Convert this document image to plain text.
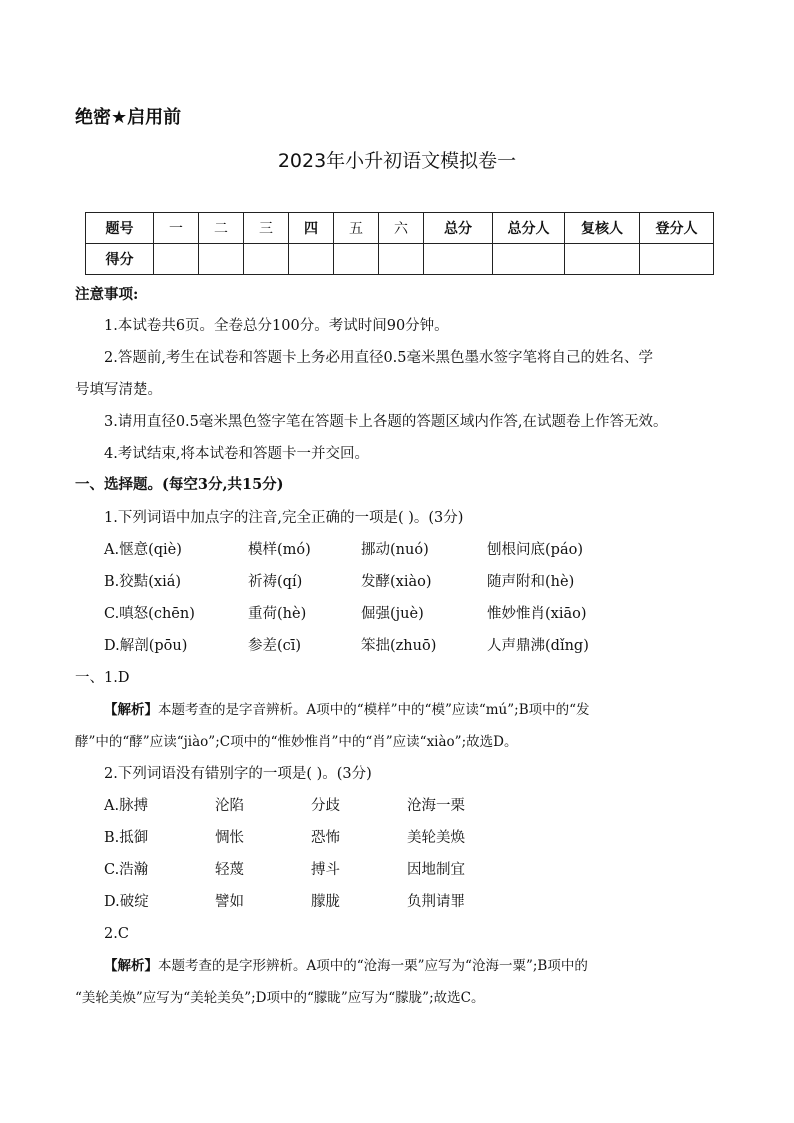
绝密★启用前
2023年小升初语文模拟卷一
题号	一	二	三	四	五	六	总分	总分人	复核人	登分人
得分										
注意事项:
1.本试卷共6页。全卷总分100分。考试时间90分钟。
2.答题前,考生在试卷和答题卡上务必用直径0.5毫米黑色墨水签字笔将自己的姓名、学
号填写清楚。
3.请用直径0.5毫米黑色签字笔在答题卡上各题的答题区域内作答,在试题卷上作答无效。
4.考试结束,将本试卷和答题卡一并交回。
一、选择题。(每空3分,共15分)
1.下列词语中加点字的注音,完全正确的一项是( )。(3分)
A.惬意(qiè)	模样(mó)	挪动(nuó)	刨根问底(páo)
B.狡黠(xiá)	祈祷(qí)	发酵(xiào)	随声附和(hè)
C.嗔怒(chēn)	重荷(hè)	倔强(juè)	惟妙惟肖(xiāo)
D.解剖(pōu)	参差(cī)	笨拙(zhuō)	人声鼎沸(dǐng)
一、1.D
【解析】本题考查的是字音辨析。A项中的“模样”中的“模”应读“mú”;B项中的“发
酵”中的“酵”应读“jiào”;C项中的“惟妙惟肖”中的“肖”应读“xiào”;故选D。
2.下列词语没有错别字的一项是( )。(3分)
A.脉搏	沦陷	分歧	沧海一栗
B.抵御	惆怅	恐怖	美轮美焕
C.浩瀚	轻蔑	搏斗	因地制宜
D.破绽	譬如	朦胧	负荆请罪
2.C
【解析】本题考查的是字形辨析。A项中的“沧海一栗”应写为“沧海一粟”;B项中的
“美轮美焕”应写为“美轮美奂”;D项中的“朦眬”应写为“朦胧”;故选C。
